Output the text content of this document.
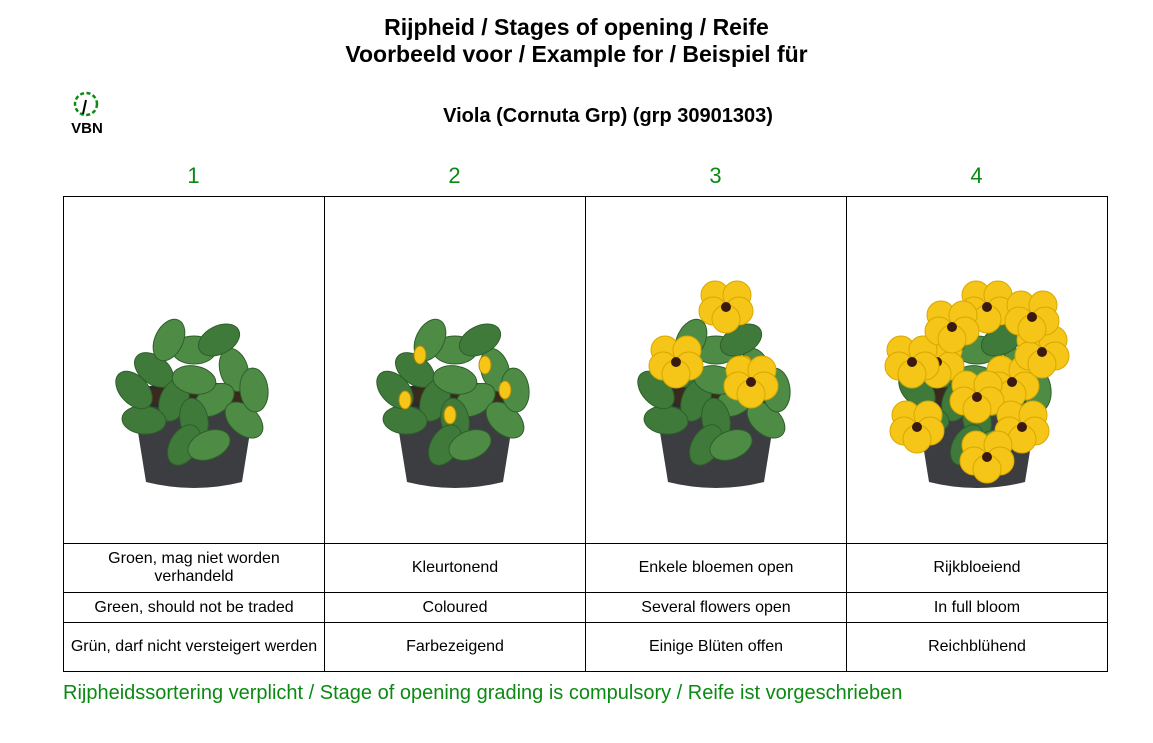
Rijpheid / Stages of opening / Reife
Voorbeeld voor / Example for / Beispiel für
VBN
Viola (Cornuta Grp) (grp 30901303)
1	2	3	4

Groen, mag niet worden verhandeld	Kleurtonend	Enkele bloemen open	Rijkbloeiend
Green, should not be traded	Coloured	Several flowers open	In full bloom
Grün, darf nicht versteigert werden	Farbezeigend	Einige Blüten offen	Reichblühend
Rijpheidssortering verplicht / Stage of opening grading is compulsory / Reife ist vorgeschrieben
